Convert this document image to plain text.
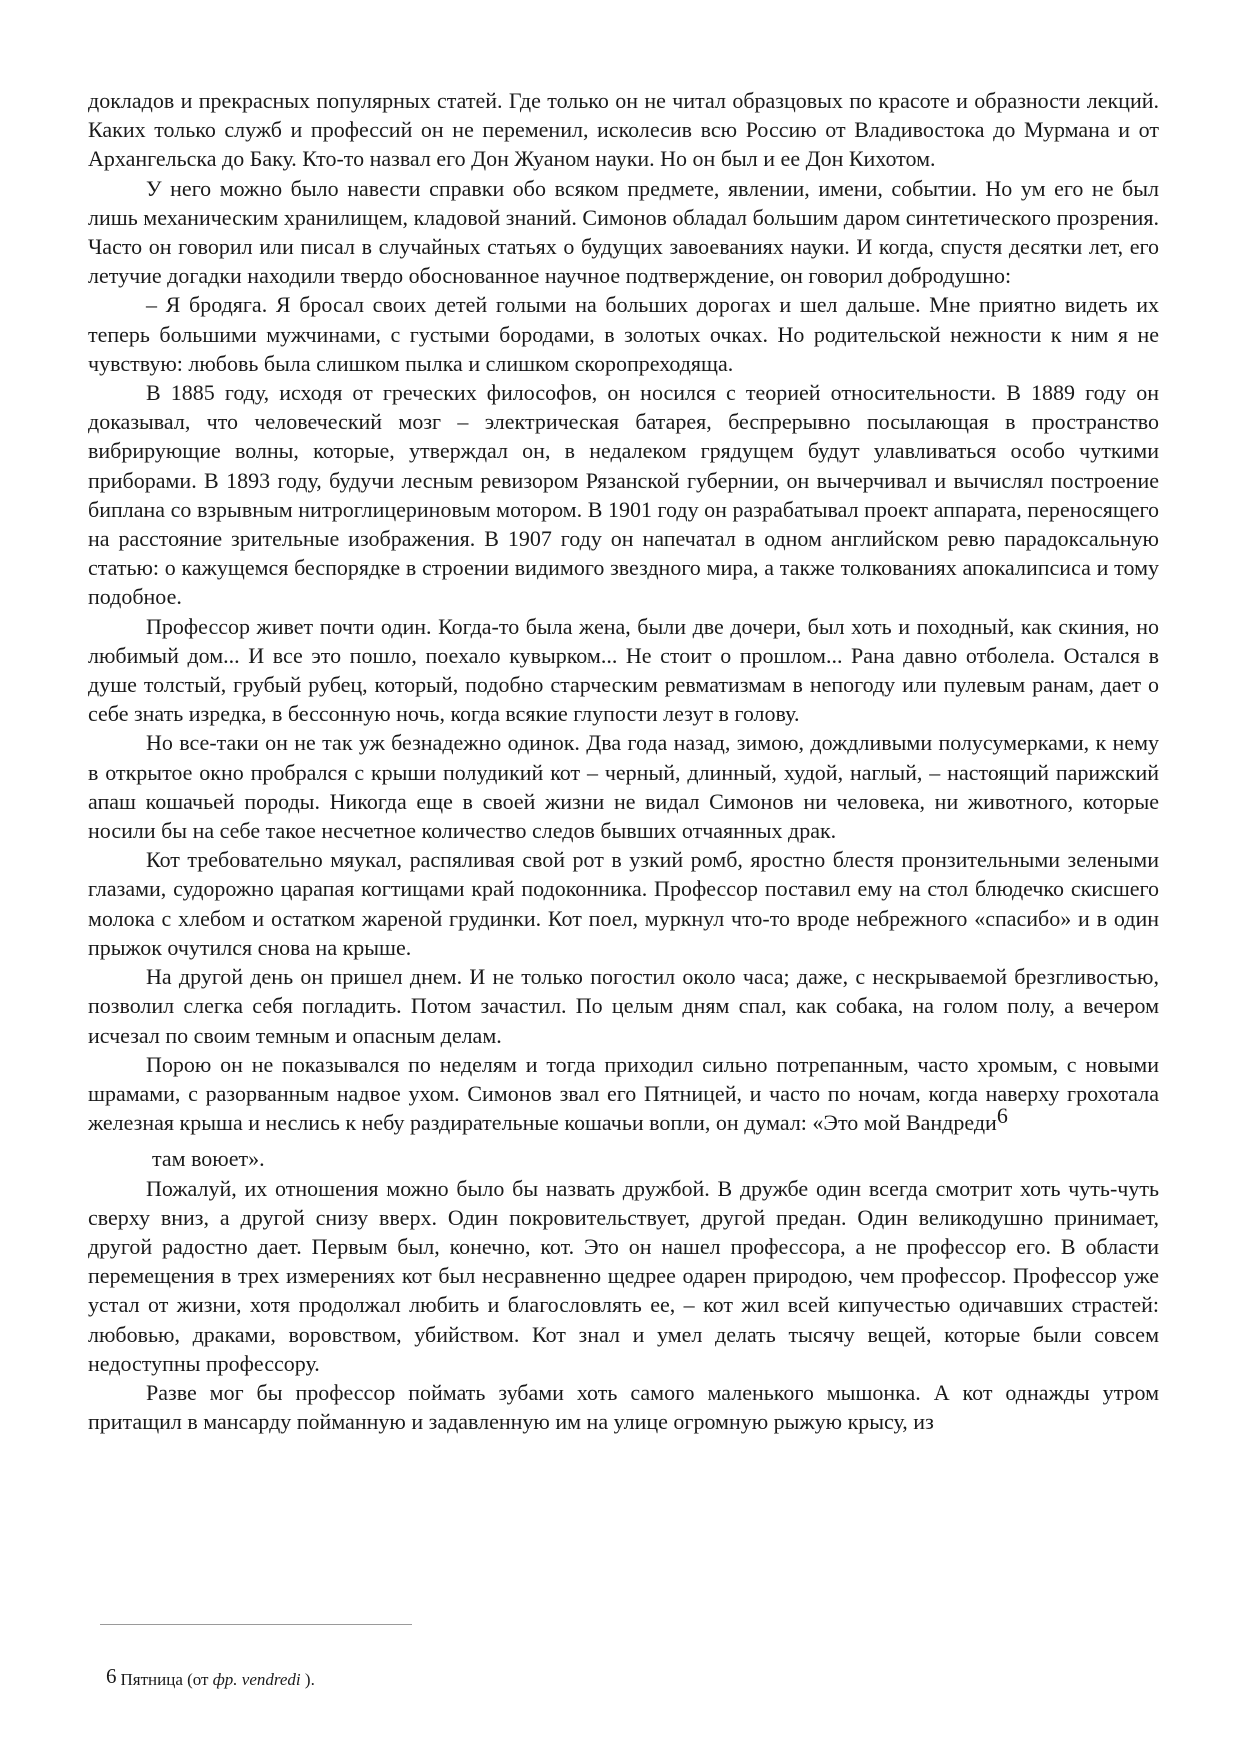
докладов и прекрасных популярных статей. Где только он не читал образцовых по красоте и образности лекций. Каких только служб и профессий он не переменил, исколесив всю Россию от Владивостока до Мурмана и от Архангельска до Баку. Кто-то назвал его Дон Жуаном науки. Но он был и ее Дон Кихотом.

У него можно было навести справки обо всяком предмете, явлении, имени, событии. Но ум его не был лишь механическим хранилищем, кладовой знаний. Симонов обладал большим даром синтетического прозрения. Часто он говорил или писал в случайных статьях о будущих завоеваниях науки. И когда, спустя десятки лет, его летучие догадки находили твердо обоснованное научное подтверждение, он говорил добродушно:

– Я бродяга. Я бросал своих детей голыми на больших дорогах и шел дальше. Мне приятно видеть их теперь большими мужчинами, с густыми бородами, в золотых очках. Но родительской нежности к ним я не чувствую: любовь была слишком пылка и слишком скоропреходяща.

В 1885 году, исходя от греческих философов, он носился с теорией относительности. В 1889 году он доказывал, что человеческий мозг – электрическая батарея, беспрерывно посылающая в пространство вибрирующие волны, которые, утверждал он, в недалеком грядущем будут улавливаться особо чуткими приборами. В 1893 году, будучи лесным ревизором Рязанской губернии, он вычерчивал и вычислял построение биплана со взрывным нитроглицериновым мотором. В 1901 году он разрабатывал проект аппарата, переносящего на расстояние зрительные изображения. В 1907 году он напечатал в одном английском ревю парадоксальную статью: о кажущемся беспорядке в строении видимого звездного мира, а также толкованиях апокалипсиса и тому подобное.

Профессор живет почти один. Когда-то была жена, были две дочери, был хоть и походный, как скиния, но любимый дом... И все это пошло, поехало кувырком... Не стоит о прошлом... Рана давно отболела. Остался в душе толстый, грубый рубец, который, подобно старческим ревматизмам в непогоду или пулевым ранам, дает о себе знать изредка, в бессонную ночь, когда всякие глупости лезут в голову.

Но все-таки он не так уж безнадежно одинок. Два года назад, зимою, дождливыми полусумерками, к нему в открытое окно пробрался с крыши полудикий кот – черный, длинный, худой, наглый, – настоящий парижский апаш кошачьей породы. Никогда еще в своей жизни не видал Симонов ни человека, ни животного, которые носили бы на себе такое несчетное количество следов бывших отчаянных драк.

Кот требовательно мяукал, распяливая свой рот в узкий ромб, яростно блестя пронзительными зелеными глазами, судорожно царапая когтищами край подоконника. Профессор поставил ему на стол блюдечко скисшего молока с хлебом и остатком жареной грудинки. Кот поел, муркнул что-то вроде небрежного «спасибо» и в один прыжок очутился снова на крыше.

На другой день он пришел днем. И не только погостил около часа; даже, с нескрываемой брезгливостью, позволил слегка себя погладить. Потом зачастил. По целым дням спал, как собака, на голом полу, а вечером исчезал по своим темным и опасным делам.

Порою он не показывался по неделям и тогда приходил сильно потрепанным, часто хромым, с новыми шрамами, с разорванным надвое ухом. Симонов звал его Пятницей, и часто по ночам, когда наверху грохотала железная крыша и неслись к небу раздирательные кошачьи вопли, он думал: «Это мой Вандреди6

там воюет».

Пожалуй, их отношения можно было бы назвать дружбой. В дружбе один всегда смотрит хоть чуть-чуть сверху вниз, а другой снизу вверх. Один покровительствует, другой предан. Один великодушно принимает, другой радостно дает. Первым был, конечно, кот. Это он нашел профессора, а не профессор его. В области перемещения в трех измерениях кот был несравненно щедрее одарен природою, чем профессор. Профессор уже устал от жизни, хотя продолжал любить и благословлять ее, – кот жил всей кипучестью одичавших страстей: любовью, драками, воровством, убийством. Кот знал и умел делать тысячу вещей, которые были совсем недоступны профессору.

Разве мог бы профессор поймать зубами хоть самого маленького мышонка. А кот однажды утром притащил в мансарду пойманную и задавленную им на улице огромную рыжую крысу, из

6 Пятница (от фр. vendredi ).
